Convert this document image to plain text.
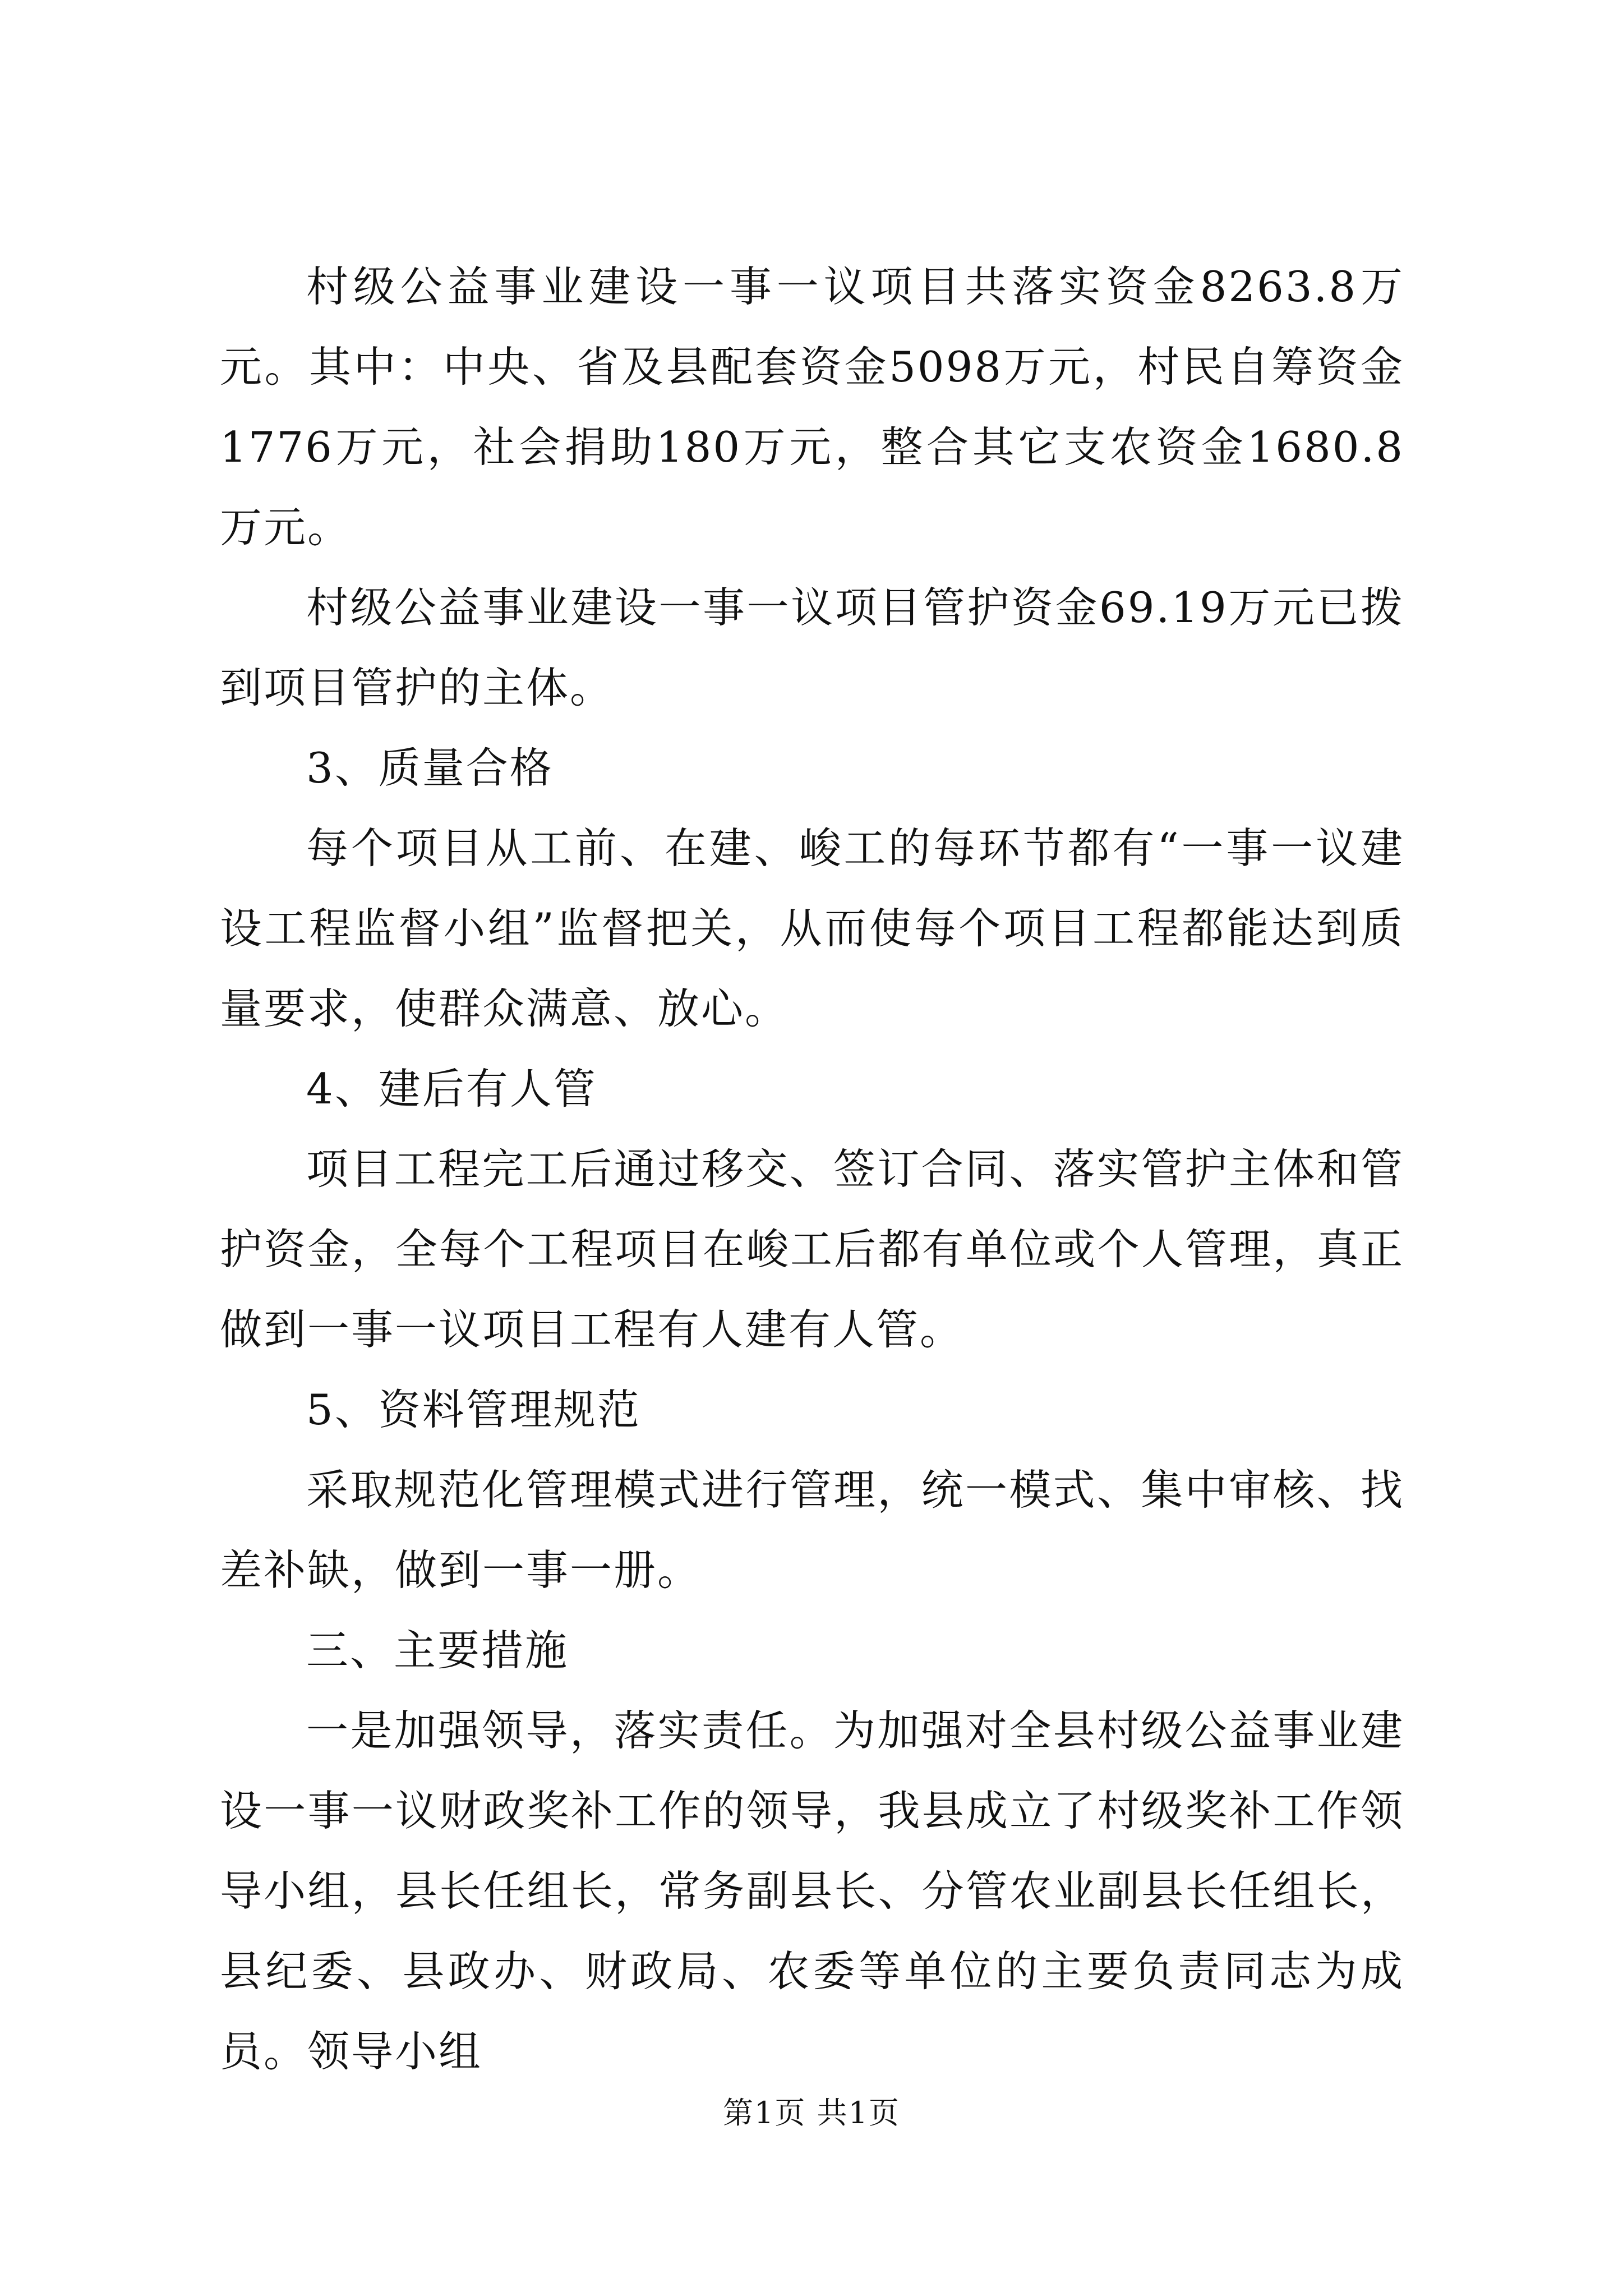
村级公益事业建设一事一议项目共落实资金8263.8万元。其中：中央、省及县配套资金5098万元，村民自筹资金1776万元，社会捐助180万元，整合其它支农资金1680.8万元。

村级公益事业建设一事一议项目管护资金69.19万元已拨到项目管护的主体。

3、质量合格

每个项目从工前、在建、峻工的每环节都有“一事一议建设工程监督小组”监督把关，从而使每个项目工程都能达到质量要求，使群众满意、放心。

4、建后有人管

项目工程完工后通过移交、签订合同、落实管护主体和管护资金，全每个工程项目在峻工后都有单位或个人管理，真正做到一事一议项目工程有人建有人管。

5、资料管理规范

采取规范化管理模式进行管理，统一模式、集中审核、找差补缺，做到一事一册。

三、主要措施

一是加强领导，落实责任。为加强对全县村级公益事业建设一事一议财政奖补工作的领导，我县成立了村级奖补工作领导小组，县长任组长，常务副县长、分管农业副县长任组长，县纪委、县政办、财政局、农委等单位的主要负责同志为成员。领导小组

第1页 共1页
